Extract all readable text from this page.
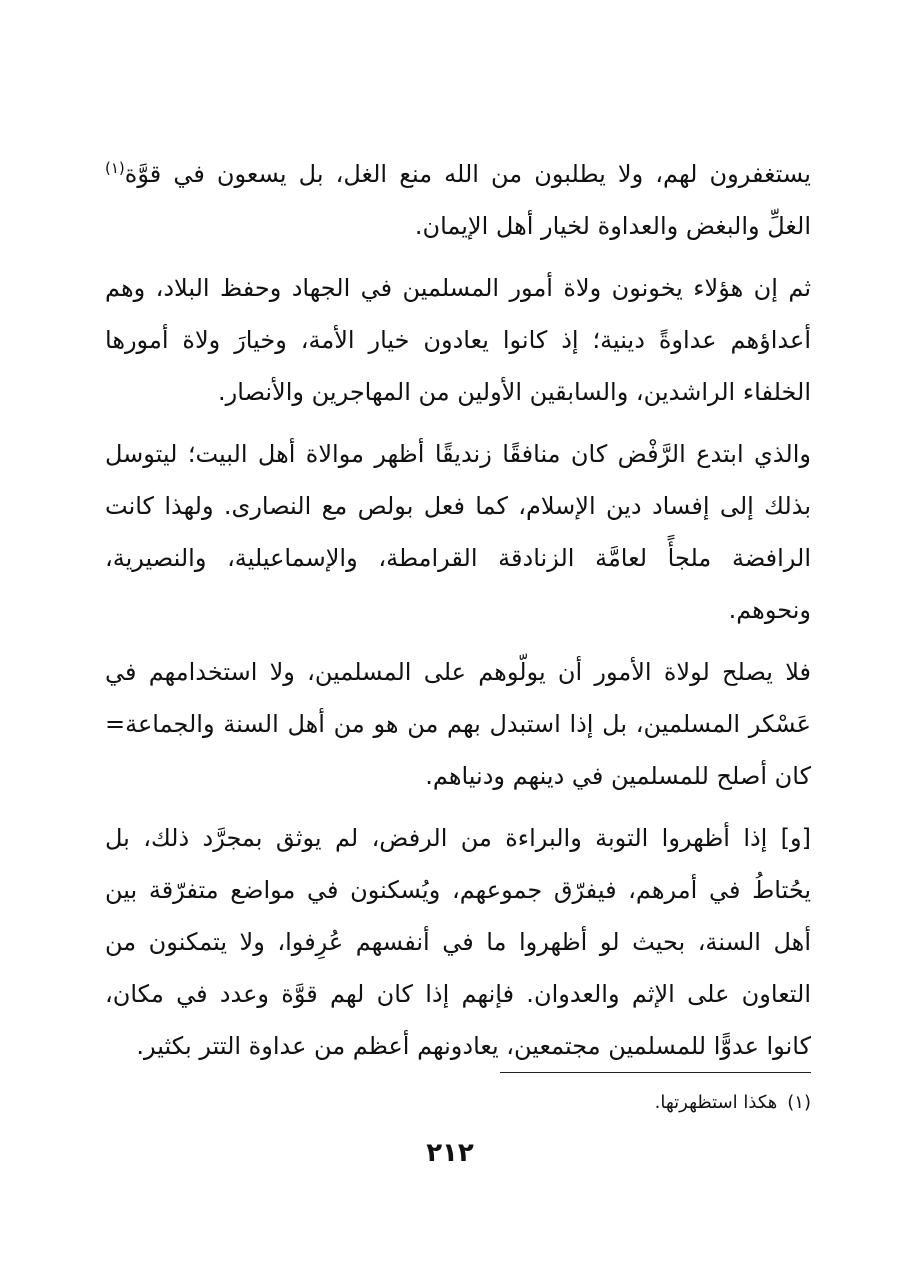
يستغفرون لهم، ولا يطلبون من الله منع الغل، بل يسعون في قوَّة$^{(١)}$ الغلِّ والبغض والعداوة لخيار أهل الإيمان.

ثم إن هؤلاء يخونون ولاة أمور المسلمين في الجهاد وحفظ البلاد، وهم أعداؤهم عداوةً دينية؛ إذ كانوا يعادون خيار الأمة، وخيارَ ولاة أمورها الخلفاء الراشدين، والسابقين الأولين من المهاجرين والأنصار.

والذي ابتدع الرَّفْض كان منافقًا زنديقًا أظهر موالاة أهل البيت؛ ليتوسل بذلك إلى إفساد دين الإسلام، كما فعل بولص مع النصارى. ولهذا كانت الرافضة ملجأً لعامَّة الزنادقة القرامطة، والإسماعيلية، والنصيرية، ونحوهم.

فلا يصلح لولاة الأمور أن يولّوهم على المسلمين، ولا استخدامهم في عَسْكر المسلمين، بل إذا استبدل بهم من هو من أهل السنة والجماعة= كان أصلح للمسلمين في دينهم ودنياهم.

[و] إذا أظهروا التوبة والبراءة من الرفض، لم يوثق بمجرَّد ذلك، بل يحُتاطُ في أمرهم، فيفرّق جموعهم، ويُسكنون في مواضع متفرّقة بين أهل السنة، بحيث لو أظهروا ما في أنفسهم عُرِفوا، ولا يتمكنون من التعاون على الإثم والعدوان. فإنهم إذا كان لهم قوَّة وعدد في مكان، كانوا عدوًّا للمسلمين مجتمعين، يعادونهم أعظم من عداوة التتر بكثير.

(١)هكذا استظهرتها.
٢١٢
